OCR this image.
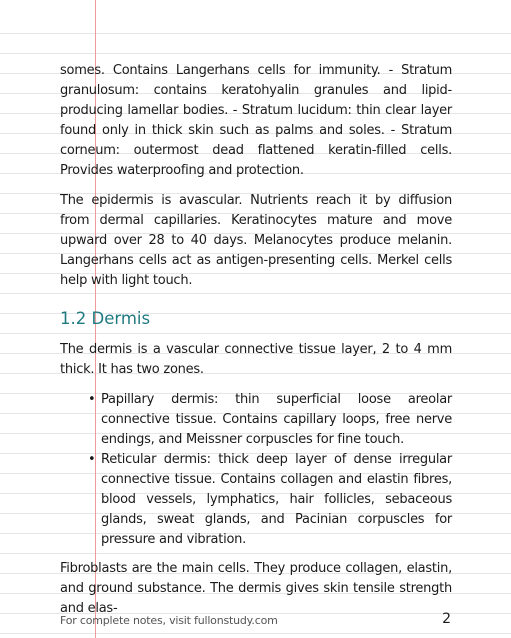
somes. Contains Langerhans cells for immunity. - Stratum granulosum: contains keratohyalin granules and lipid-producing lamellar bodies. - Stratum lucidum: thin clear layer found only in thick skin such as palms and soles. - Stratum corneum: outermost dead flattened keratin-filled cells. Provides waterproofing and protection.

The epidermis is avascular. Nutrients reach it by diffusion from dermal capillaries. Keratinocytes mature and move upward over 28 to 40 days. Melanocytes produce melanin. Langerhans cells act as antigen-presenting cells. Merkel cells help with light touch.

1.2 Dermis

The dermis is a vascular connective tissue layer, 2 to 4 mm thick. It has two zones.

• Papillary dermis: thin superficial loose areolar connective tissue. Contains capillary loops, free nerve endings, and Meissner corpuscles for fine touch.
• Reticular dermis: thick deep layer of dense irregular connective tissue. Contains collagen and elastin fibres, blood vessels, lymphatics, hair follicles, sebaceous glands, sweat glands, and Pacinian corpuscles for pressure and vibration.

Fibroblasts are the main cells. They produce collagen, elastin, and ground substance. The dermis gives skin tensile strength and elas-

For complete notes, visit fullonstudy.com	2
